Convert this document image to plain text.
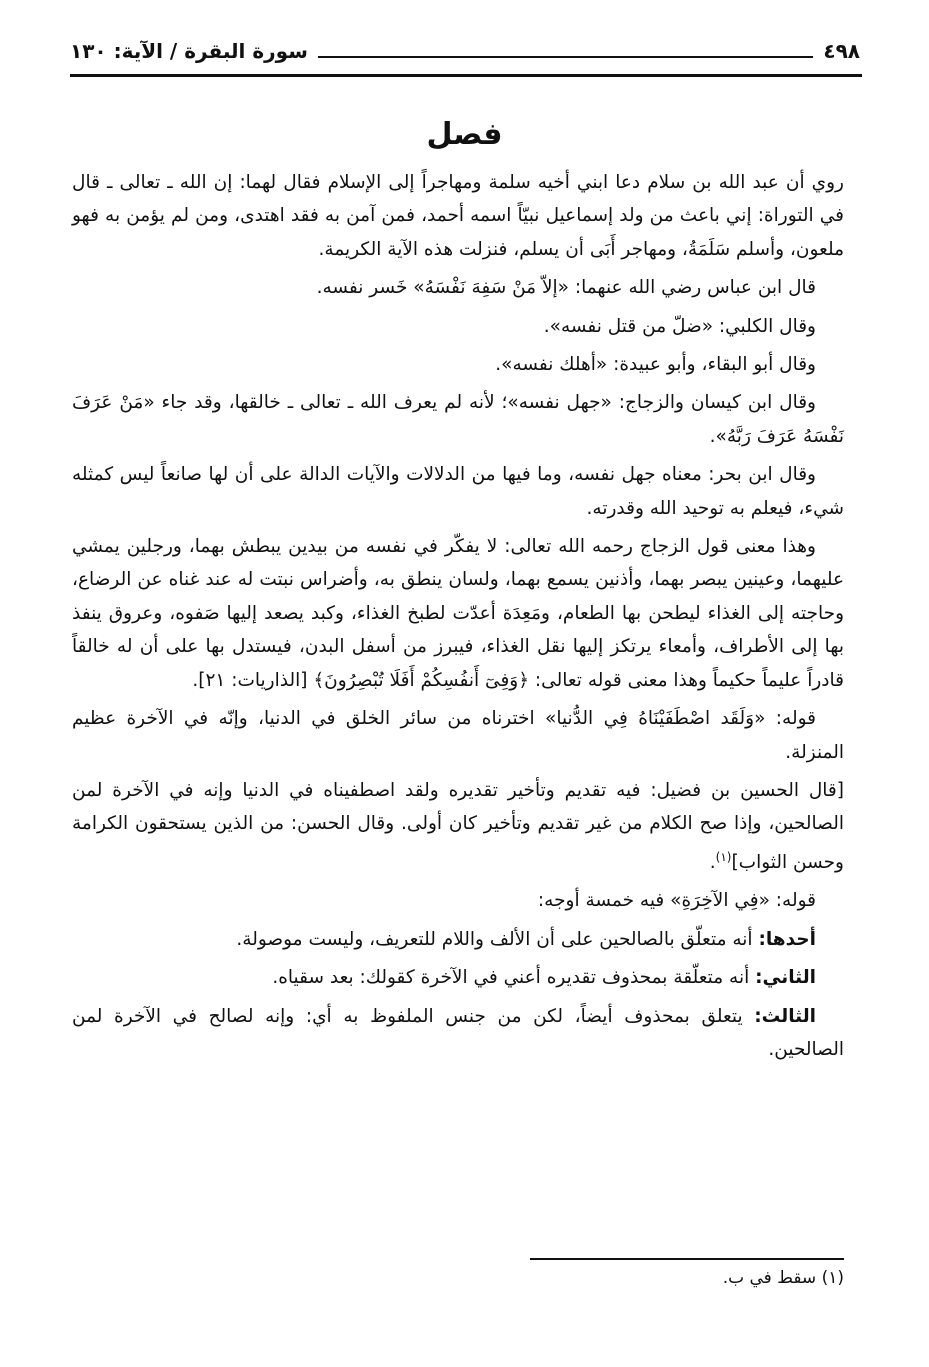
٤٩٨
سورة البقرة / الآية: ١٣٠
فصل

روي أن عبد الله بن سلام دعا ابني أخيه سلمة ومهاجراً إلى الإسلام فقال لهما: إن الله ـ تعالى ـ قال في التوراة: إني باعث من ولد إسماعيل نبيّاً اسمه أحمد، فمن آمن به فقد اهتدى، ومن لم يؤمن به فهو ملعون، وأسلم سَلَمَةُ، ومهاجر أَبَى أن يسلم، فنزلت هذه الآية الكريمة.

قال ابن عباس رضي الله عنهما: «إلاّ مَنْ سَفِهَ نَفْسَهُ» خَسر نفسه.

وقال الكلبي: «ضلّ من قتل نفسه».

وقال أبو البقاء، وأبو عبيدة: «أهلك نفسه».

وقال ابن كيسان والزجاج: «جهل نفسه»؛ لأنه لم يعرف الله ـ تعالى ـ خالقها، وقد جاء «مَنْ عَرَفَ نَفْسَهُ عَرَفَ رَبَّهُ».

وقال ابن بحر: معناه جهل نفسه، وما فيها من الدلالات والآيات الدالة على أن لها صانعاً ليس كمثله شيء، فيعلم به توحيد الله وقدرته.

وهذا معنى قول الزجاج رحمه الله تعالى: لا يفكّر في نفسه من بيدين يبطش بهما، ورجلين يمشي عليهما، وعينين يبصر بهما، وأذنين يسمع بهما، ولسان ينطق به، وأضراس نبتت له عند غناه عن الرضاع، وحاجته إلى الغذاء ليطحن بها الطعام، ومَعِدَة أعدّت لطبخ الغذاء، وكبد يصعد إليها صَفوه، وعروق ينفذ بها إلى الأطراف، وأمعاء يرتكز إليها نقل الغذاء، فيبرز من أسفل البدن، فيستدل بها على أن له خالقاً قادراً عليماً حكيماً وهذا معنى قوله تعالى: ﴿وَفِىٓ أَنفُسِكُمْ أَفَلَا تُبْصِرُونَ﴾ [الذاريات: ٢١].

قوله: «وَلَقَد اصْطَفَيْنَاهُ فِي الدُّنيا» اخترناه من سائر الخلق في الدنيا، وإنّه في الآخرة عظيم المنزلة.

[قال الحسين بن فضيل: فيه تقديم وتأخير تقديره ولقد اصطفيناه في الدنيا وإنه في الآخرة لمن الصالحين، وإذا صح الكلام من غير تقديم وتأخير كان أولى. وقال الحسن: من الذين يستحقون الكرامة وحسن الثواب]$^{(١)}$.

قوله: «فِي الآخِرَةِ» فيه خمسة أوجه:

أحدها: أنه متعلّق بالصالحين على أن الألف واللام للتعريف، وليست موصولة.

الثاني: أنه متعلّقة بمحذوف تقديره أعني في الآخرة كقولك: بعد سقياه.

الثالث: يتعلق بمحذوف أيضاً، لكن من جنس الملفوظ به أي: وإنه لصالح في الآخرة لمن الصالحين.

(١) سقط في ب.
